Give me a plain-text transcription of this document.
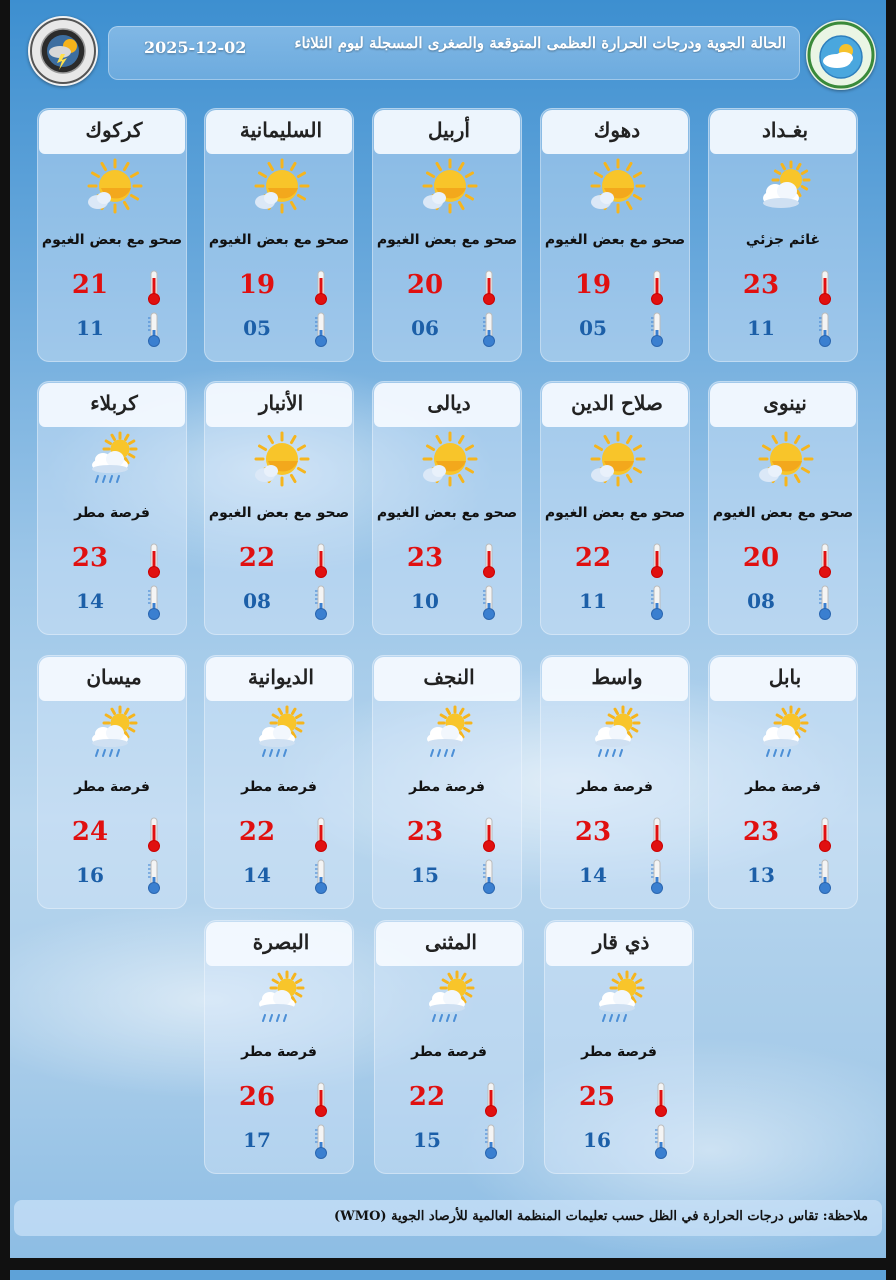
الحالة الجوية ودرجات الحرارة العظمى المتوقعة والصغرى المسجلة ليوم الثلاثاء
2025-12-02
بغـداد
غائم جزئي
23
11
دهوك
صحو مع بعض الغيوم
19
05
أربيل
صحو مع بعض الغيوم
20
06
السليمانية
صحو مع بعض الغيوم
19
05
كركوك
صحو مع بعض الغيوم
21
11
نينوى
صحو مع بعض الغيوم
20
08
صلاح الدين
صحو مع بعض الغيوم
22
11
ديالى
صحو مع بعض الغيوم
23
10
الأنبار
صحو مع بعض الغيوم
22
08
كربلاء
فرصة مطر
23
14
بابل
فرصة مطر
23
13
واسط
فرصة مطر
23
14
النجف
فرصة مطر
23
15
الديوانية
فرصة مطر
22
14
ميسان
فرصة مطر
24
16
ذي قار
فرصة مطر
25
16
المثنى
فرصة مطر
22
15
البصرة
فرصة مطر
26
17
ملاحظة: تقاس درجات الحرارة في الظل حسب تعليمات المنظمة العالمية للأرصاد الجوية (WMO)
